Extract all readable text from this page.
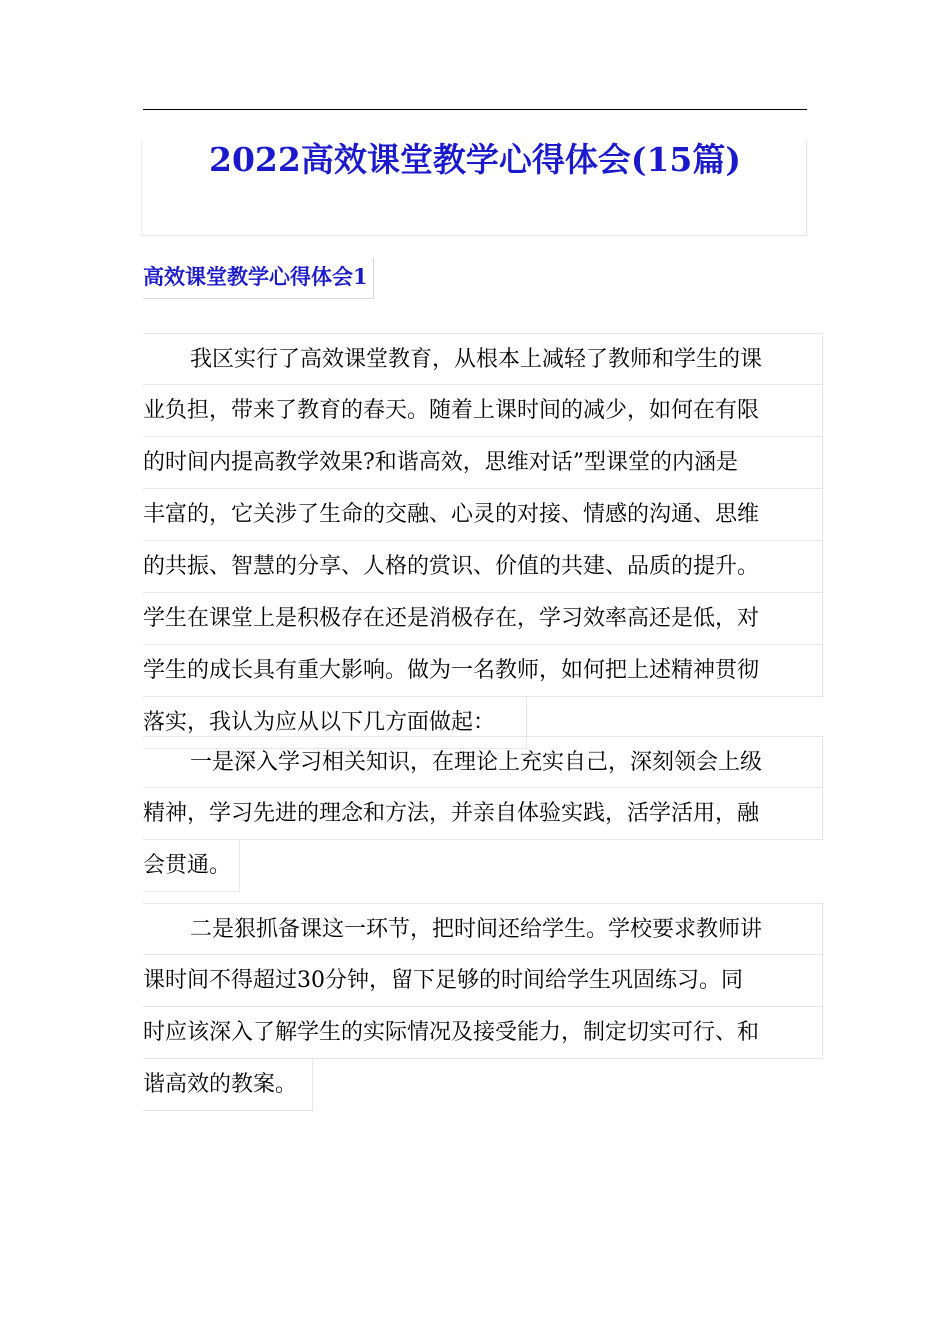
2022高效课堂教学心得体会(15篇)
高效课堂教学心得体会1
我区实行了高效课堂教育，从根本上减轻了教师和学生的课
业负担，带来了教育的春天。随着上课时间的减少，如何在有限
的时间内提高教学效果?和谐高效，思维对话”型课堂的内涵是
丰富的，它关涉了生命的交融、心灵的对接、情感的沟通、思维
的共振、智慧的分享、人格的赏识、价值的共建、品质的提升。
学生在课堂上是积极存在还是消极存在，学习效率高还是低，对
学生的成长具有重大影响。做为一名教师，如何把上述精神贯彻
落实，我认为应从以下几方面做起：
一是深入学习相关知识，在理论上充实自己，深刻领会上级
精神，学习先进的理念和方法，并亲自体验实践，活学活用，融
会贯通。
二是狠抓备课这一环节，把时间还给学生。学校要求教师讲
课时间不得超过30分钟，留下足够的时间给学生巩固练习。同
时应该深入了解学生的实际情况及接受能力，制定切实可行、和
谐高效的教案。
